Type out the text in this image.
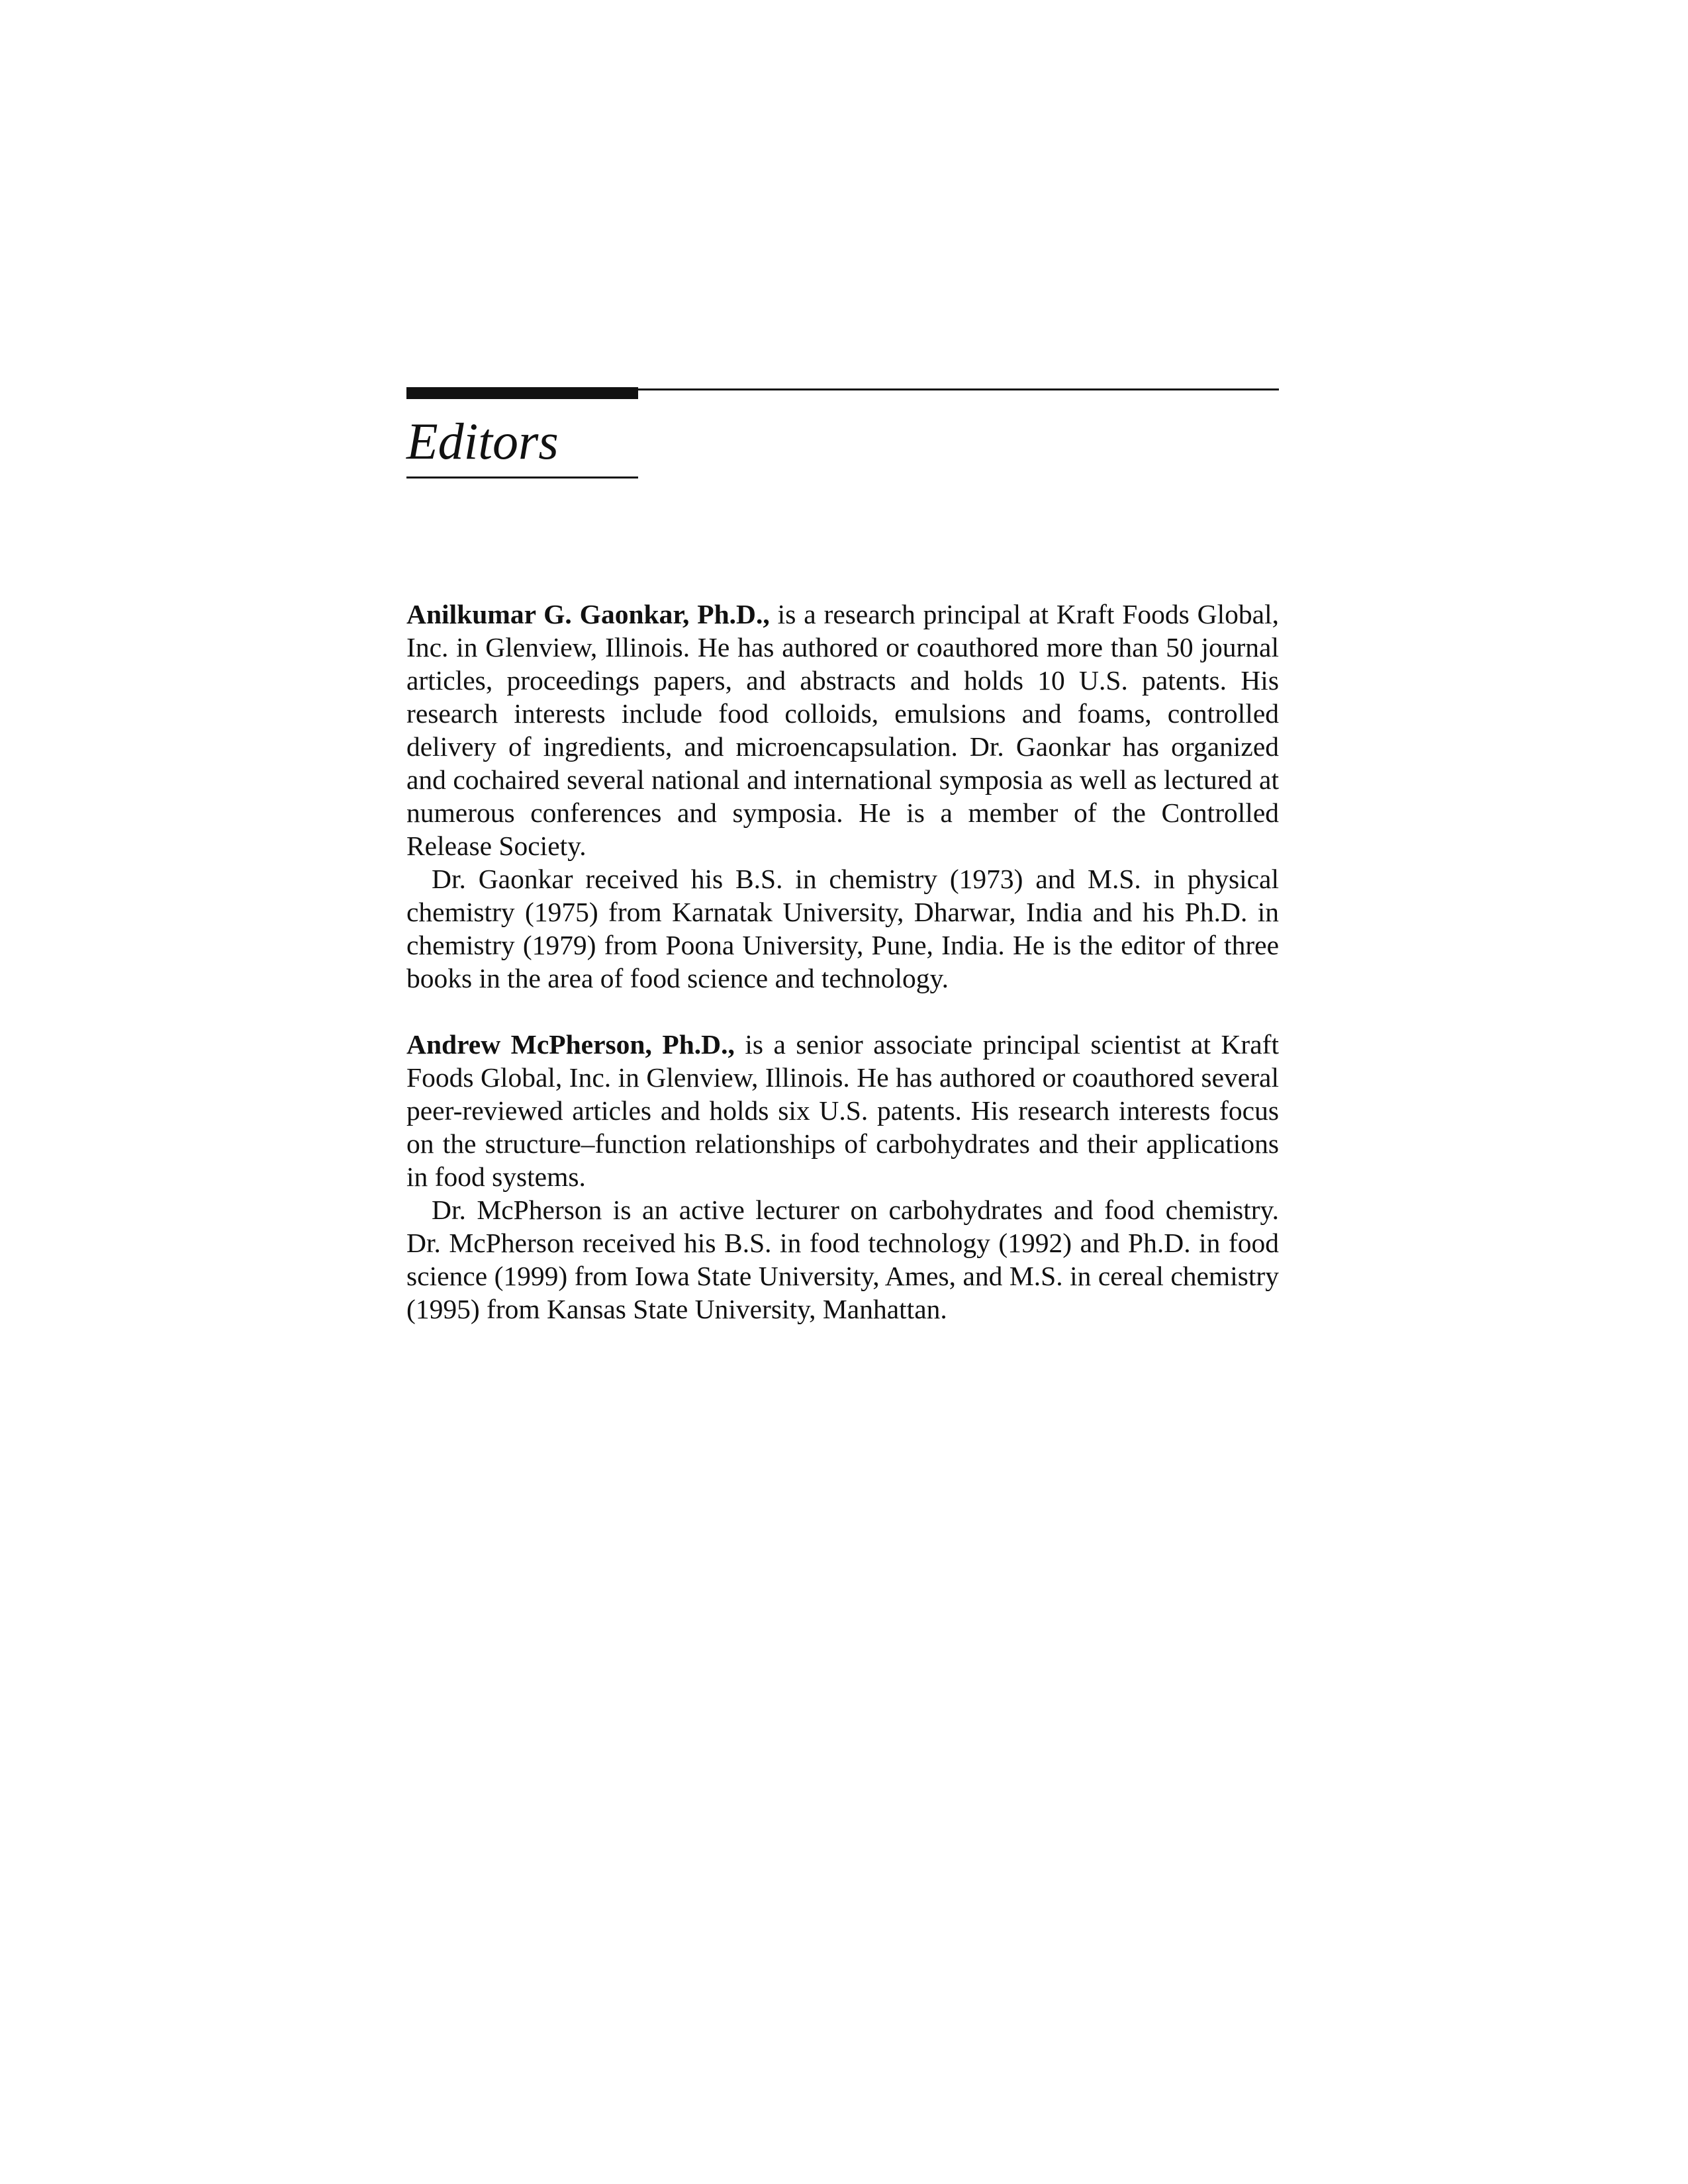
Editors

Anilkumar G. Gaonkar, Ph.D., is a research principal at Kraft Foods Global, Inc. in Glenview, Illinois. He has authored or coauthored more than 50 journal articles, proceedings papers, and abstracts and holds 10 U.S. patents. His research interests include food colloids, emulsions and foams, controlled delivery of ingredients, and microencapsulation. Dr. Gaonkar has organized and cochaired several national and international symposia as well as lectured at numerous conferences and symposia. He is a member of the Controlled Release Society.

Dr. Gaonkar received his B.S. in chemistry (1973) and M.S. in physical chemistry (1975) from Karnatak University, Dharwar, India and his Ph.D. in chemistry (1979) from Poona University, Pune, India. He is the editor of three books in the area of food science and technology.

Andrew McPherson, Ph.D., is a senior associate principal scientist at Kraft Foods Global, Inc. in Glenview, Illinois. He has authored or coauthored several peer-reviewed articles and holds six U.S. patents. His research interests focus on the structure–function relationships of carbohydrates and their applications in food systems.

Dr. McPherson is an active lecturer on carbohydrates and food chemistry. Dr. McPherson received his B.S. in food technology (1992) and Ph.D. in food science (1999) from Iowa State University, Ames, and M.S. in cereal chemistry (1995) from Kansas State University, Manhattan.
